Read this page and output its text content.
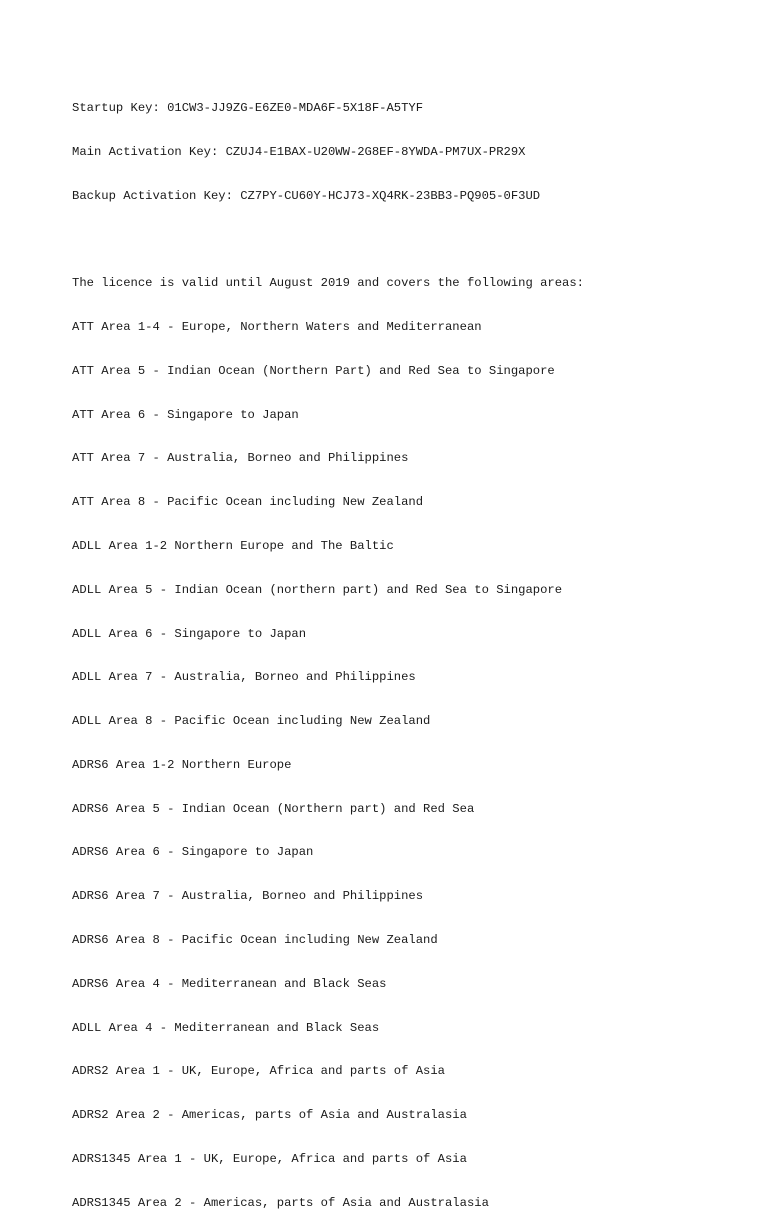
Startup Key: 01CW3-JJ9ZG-E6ZE0-MDA6F-5X18F-A5TYF

Main Activation Key: CZUJ4-E1BAX-U20WW-2G8EF-8YWDA-PM7UX-PR29X

Backup Activation Key: CZ7PY-CU60Y-HCJ73-XQ4RK-23BB3-PQ905-0F3UD

The licence is valid until August 2019 and covers the following areas:

ATT Area 1-4 - Europe, Northern Waters and Mediterranean

ATT Area 5 - Indian Ocean (Northern Part) and Red Sea to Singapore

ATT Area 6 - Singapore to Japan

ATT Area 7 - Australia, Borneo and Philippines

ATT Area 8 - Pacific Ocean including New Zealand

ADLL Area 1-2 Northern Europe and The Baltic

ADLL Area 5 - Indian Ocean (northern part) and Red Sea to Singapore

ADLL Area 6 - Singapore to Japan

ADLL Area 7 - Australia, Borneo and Philippines

ADLL Area 8 - Pacific Ocean including New Zealand

ADRS6 Area 1-2 Northern Europe

ADRS6 Area 5 - Indian Ocean (Northern part) and Red Sea

ADRS6 Area 6 - Singapore to Japan

ADRS6 Area 7 - Australia, Borneo and Philippines

ADRS6 Area 8 - Pacific Ocean including New Zealand

ADRS6 Area 4 - Mediterranean and Black Seas

ADLL Area 4 - Mediterranean and Black Seas

ADRS2 Area 1 - UK, Europe, Africa and parts of Asia

ADRS2 Area 2 - Americas, parts of Asia and Australasia

ADRS1345 Area 1 - UK, Europe, Africa and parts of Asia

ADRS1345 Area 2 - Americas, parts of Asia and Australasia
